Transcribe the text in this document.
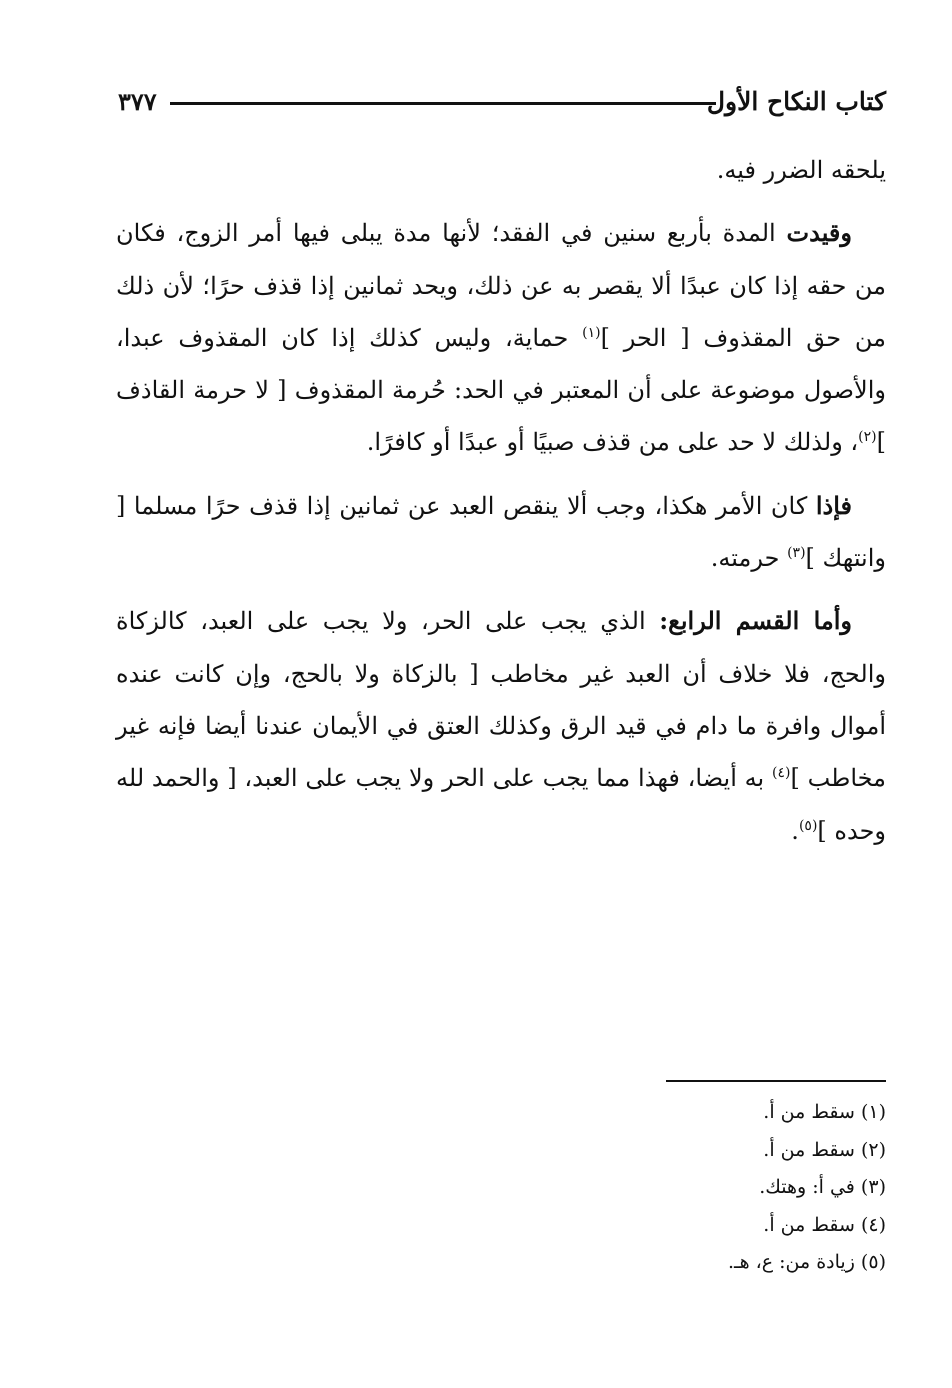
كتاب النكاح الأول
٣٧٧

يلحقه الضرر فيه.

وقيدت المدة بأربع سنين في الفقد؛ لأنها مدة يبلى فيها أمر الزوج، فكان من حقه إذا كان عبدًا ألا يقصر به عن ذلك، ويحد ثمانين إذا قذف حرًا؛ لأن ذلك من حق المقذوف [ الحر ]$^{(١)}$ حماية، وليس كذلك إذا كان المقذوف عبدا، والأصول موضوعة على أن المعتبر في الحد: حُرمة المقذوف [ لا حرمة القاذف ]$^{(٢)}$، ولذلك لا حد على من قذف صبيًا أو عبدًا أو كافرًا.

فإذا كان الأمر هكذا، وجب ألا ينقص العبد عن ثمانين إذا قذف حرًا مسلما [ وانتهك ]$^{(٣)}$ حرمته.

وأما القسم الرابع: الذي يجب على الحر، ولا يجب على العبد، كالزكاة والحج، فلا خلاف أن العبد غير مخاطب [ بالزكاة ولا بالحج، وإن كانت عنده أموال وافرة ما دام في قيد الرق وكذلك العتق في الأيمان عندنا أيضا فإنه غير مخاطب ]$^{(٤)}$ به أيضا، فهذا مما يجب على الحر ولا يجب على العبد، [ والحمد لله وحده ]$^{(٥)}$.

(١) سقط من أ.

(٢) سقط من أ.

(٣) في أ: وهتك.

(٤) سقط من أ.

(٥) زيادة من: ع، هـ.
